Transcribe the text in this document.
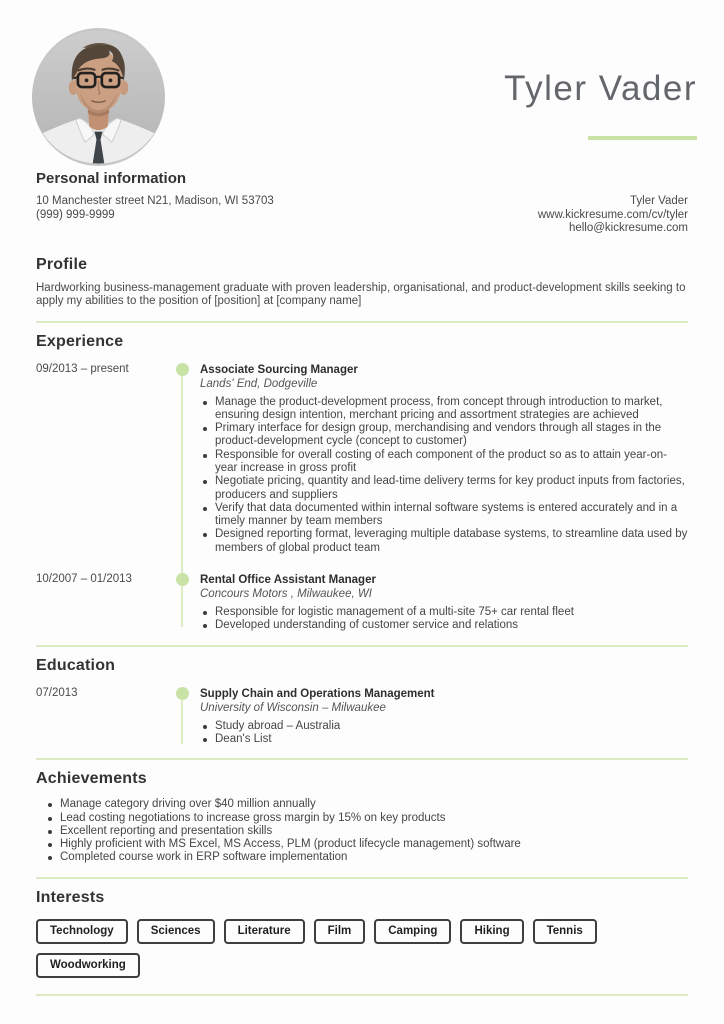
Tyler Vader

Personal information
10 Manchester street N21, Madison, WI 53703
(999) 999-9999
Tyler Vader
www.kickresume.com/cv/tyler
hello@kickresume.com
Profile

Hardworking business-management graduate with proven leadership, organisational, and product-development skills seeking to apply my abilities to the position of [position] at [company name]

Experience
09/2013 – present	Associate Sourcing Manager
Lands' End, Dodgeville
Manage the product-development process, from concept through introduction to market, ensuring design intention, merchant pricing and assortment strategies are achieved
Primary interface for design group, merchandising and vendors through all stages in the product-development cycle (concept to customer)
Responsible for overall costing of each component of the product so as to attain year-on-year increase in gross profit
Negotiate pricing, quantity and lead-time delivery terms for key product inputs from factories, producers and suppliers
Verify that data documented within internal software systems is entered accurately and in a timely manner by team members
Designed reporting format, leveraging multiple database systems, to streamline data used by members of global product team
10/2007 – 01/2013	Rental Office Assistant Manager
Concours Motors , Milwaukee, WI
Responsible for logistic management of a multi-site 75+ car rental fleet
Developed understanding of customer service and relations
Education
07/2013	Supply Chain and Operations Management
University of Wisconsin – Milwaukee
Study abroad – Australia
Dean's List
Achievements
Manage category driving over $40 million annually
Lead costing negotiations to increase gross margin by 15% on key products
Excellent reporting and presentation skills
Highly proficient with MS Excel, MS Access, PLM (product lifecycle management) software
Completed course work in ERP software implementation
Interests
Technology	Sciences	Literature	Film	Camping	Hiking	Tennis
Woodworking
